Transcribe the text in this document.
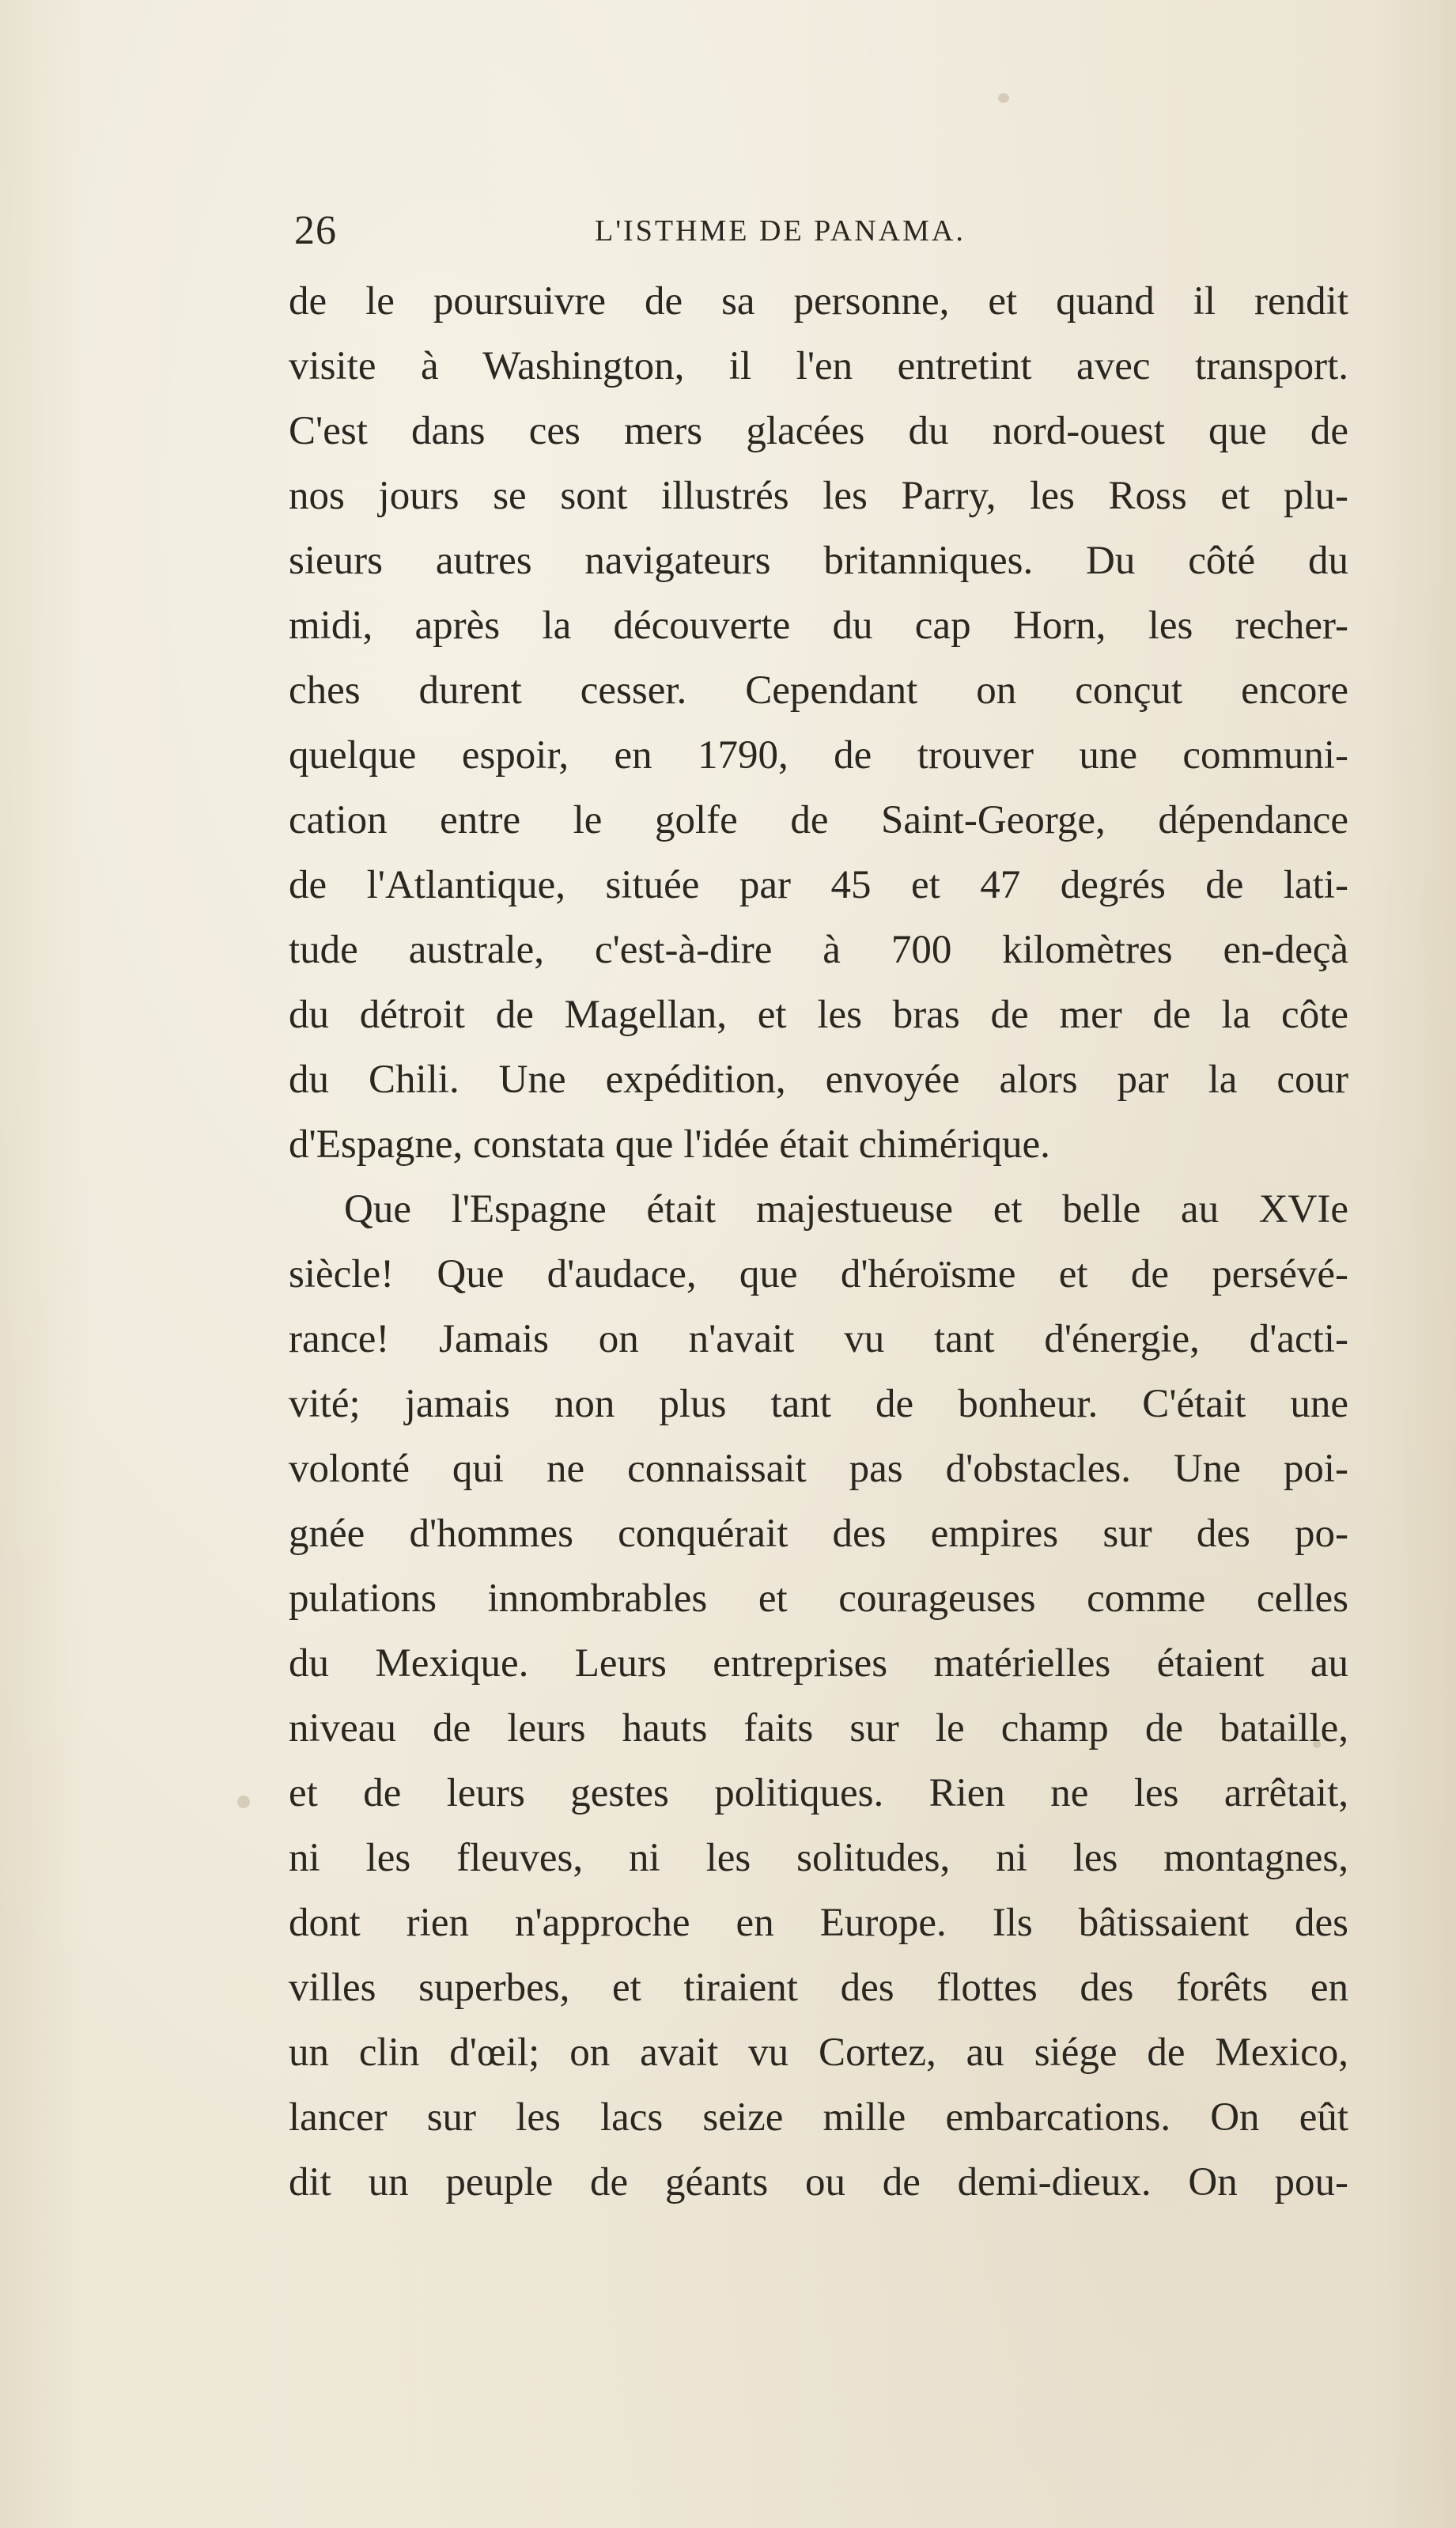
26	L'ISTHME DE PANAMA.
de le poursuivre de sa personne, et quand il rendit
visite à Washington, il l'en entretint avec transport.
C'est dans ces mers glacées du nord-ouest que de
nos jours se sont illustrés les Parry, les Ross et plu-
sieurs autres navigateurs britanniques. Du côté du
midi, après la découverte du cap Horn, les recher-
ches durent cesser. Cependant on conçut encore
quelque espoir, en 1790, de trouver une communi-
cation entre le golfe de Saint-George, dépendance
de l'Atlantique, située par 45 et 47 degrés de lati-
tude australe, c'est-à-dire à 700 kilomètres en-deçà
du détroit de Magellan, et les bras de mer de la côte
du Chili. Une expédition, envoyée alors par la cour
d'Espagne, constata que l'idée était chimérique.
Que l'Espagne était majestueuse et belle au XVIe
siècle! Que d'audace, que d'héroïsme et de persévé-
rance! Jamais on n'avait vu tant d'énergie, d'acti-
vité; jamais non plus tant de bonheur. C'était une
volonté qui ne connaissait pas d'obstacles. Une poi-
gnée d'hommes conquérait des empires sur des po-
pulations innombrables et courageuses comme celles
du Mexique. Leurs entreprises matérielles étaient au
niveau de leurs hauts faits sur le champ de bataille,
et de leurs gestes politiques. Rien ne les arrêtait,
ni les fleuves, ni les solitudes, ni les montagnes,
dont rien n'approche en Europe. Ils bâtissaient des
villes superbes, et tiraient des flottes des forêts en
un clin d'œil; on avait vu Cortez, au siége de Mexico,
lancer sur les lacs seize mille embarcations. On eût
dit un peuple de géants ou de demi-dieux. On pou-
